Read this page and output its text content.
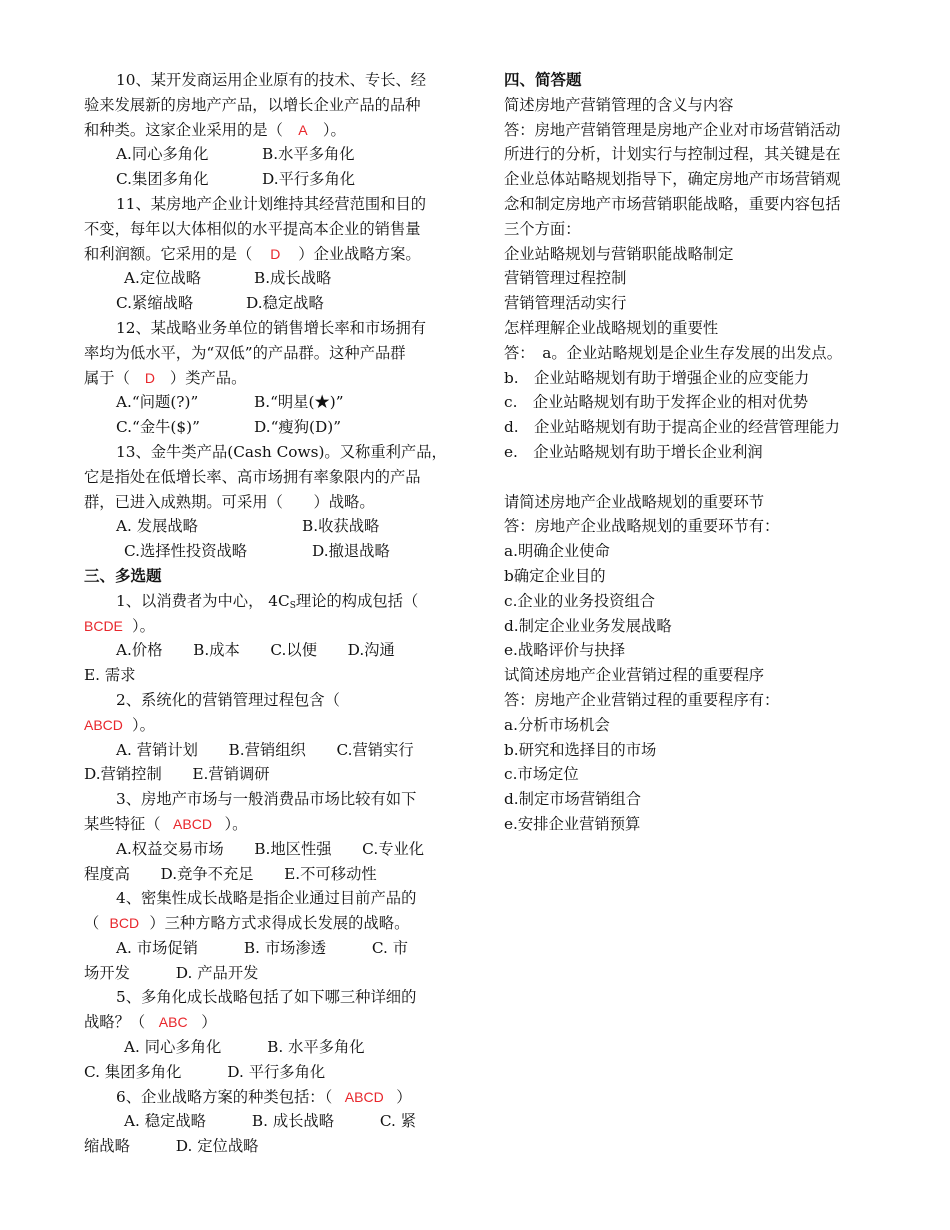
10、某开发商运用企业原有的技术、专长、经
验来发展新的房地产产品，以增长企业产品的品种
和种类。这家企业采用的是（ A ）。
A.同心多角化	B.水平多角化
C.集团多角化	D.平行多角化
11、某房地产企业计划维持其经营范围和目的
不变，每年以大体相似的水平提高本企业的销售量
和利润额。它采用的是（ D ）企业战略方案。
A.定位战略	B.成长战略
C.紧缩战略	D.稳定战略
12、某战略业务单位的销售增长率和市场拥有
率均为低水平，为“双低”的产品群。这种产品群
属于（ D ）类产品。
A.“问题(?)”	B.“明星(★)”
C.“金牛($)”	D.“瘦狗(D)”
13、金牛类产品(Cash Cows)。又称重利产品，
它是指处在低增长率、高市场拥有率象限内的产品
群，已进入成熟期。可采用（　　）战略。
A. 发展战略	B.收获战略
C.选择性投资战略	D.撤退战略
三、多选题
1、以消费者为中心， $4C_S$理论的构成包括（
BCDE ）。
A.价格　　B.成本　　C.以便　　D.沟通
E. 需求
2、系统化的营销管理过程包含（
ABCD ）。
A. 营销计划　　B.营销组织　　C.营销实行
D.营销控制　　E.营销调研
3、房地产市场与一般消费品市场比较有如下
某些特征（ ABCD ）。
A.权益交易市场　　B.地区性强　　C.专业化
程度高　　D.竞争不充足　　E.不可移动性
4、密集性成长战略是指企业通过目前产品的
（ BCD ）三种方略方式求得成长发展的战略。
A. 市场促销　　　B. 市场渗透　　　C. 市
场开发　　　D. 产品开发
5、多角化成长战略包括了如下哪三种详细的
战略？（ ABC ）
A. 同心多角化　　　B. 水平多角化
C. 集团多角化　　　D. 平行多角化
6、企业战略方案的种类包括：（ ABCD ）
A. 稳定战略　　　B. 成长战略　　　C. 紧
缩战略　　　D. 定位战略
四、简答题
简述房地产营销管理的含义与内容
答：房地产营销管理是房地产企业对市场营销活动
所进行的分析，计划实行与控制过程，其关键是在
企业总体站略规划指导下，确定房地产市场营销观
念和制定房地产市场营销职能战略，重要内容包括
三个方面：
企业站略规划与营销职能战略制定
营销管理过程控制
营销管理活动实行
怎样理解企业战略规划的重要性
答：　a。企业站略规划是企业生存发展的出发点。
b.　企业站略规划有助于增强企业的应变能力
c.　企业站略规划有助于发挥企业的相对优势
d.　企业站略规划有助于提高企业的经营管理能力
e.　企业站略规划有助于增长企业利润
请简述房地产企业战略规划的重要环节
答：房地产企业战略规划的重要环节有：
a.明确企业使命
b确定企业目的
c.企业的业务投资组合
d.制定企业业务发展战略
e.战略评价与抉择
试简述房地产企业营销过程的重要程序
答：房地产企业营销过程的重要程序有：
a.分析市场机会
b.研究和选择目的市场
c.市场定位
d.制定市场营销组合
e.安排企业营销预算
